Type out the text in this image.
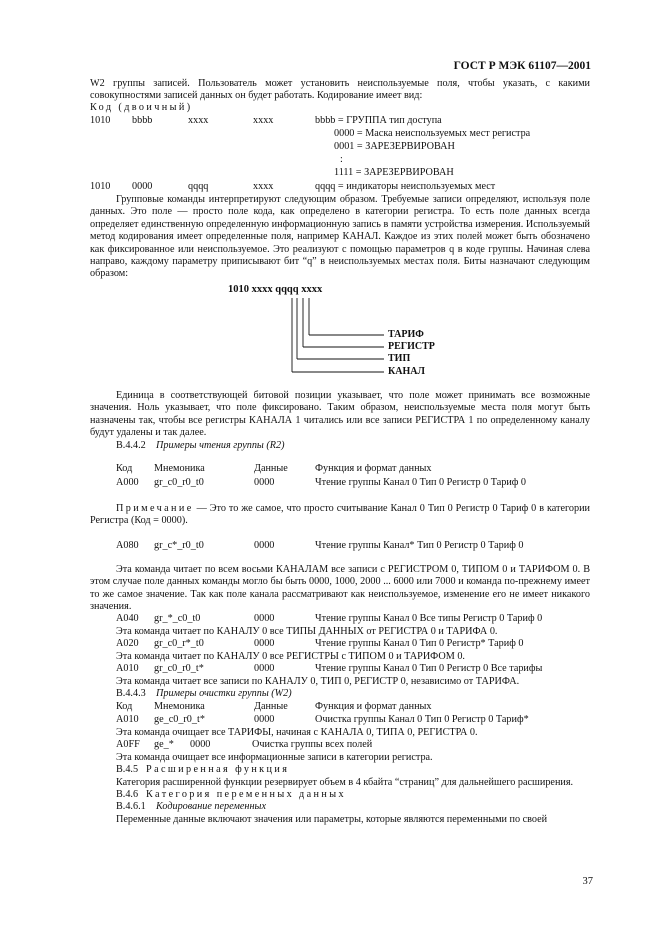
ГОСТ Р МЭК 61107—2001
W2 группы записей. Пользователь может установить неиспользуемые поля, чтобы указать, с какими совокупностями записей данных он будет работать. Кодирование имеет вид:
Код (двоичный)
1010 bbbb	xxxx	xxxx	bbbb = ГРУППА тип доступа
0000 = Маска неиспользуемых мест регистра
0001 = ЗАРЕЗЕРВИРОВАН
:
1111 = ЗАРЕЗЕРВИРОВАН
1010 0000	qqqq	xxxx	qqqq = индикаторы неиспользуемых мест
Групповые команды интерпретируют следующим образом. Требуемые записи определяют, используя поле данных. Это поле — просто поле кода, как определено в категории регистра. То есть поле данных всегда определяет единственную определенную информационную запись в памяти устройства измерения. Используемый метод кодирования имеет определенные поля, например КАНАЛ. Каждое из этих полей может быть обозначено как фиксированное или неиспользуемое. Это реализуют с помощью параметров q в коде группы. Начиная слева направо, каждому параметру приписывают бит “q” в неиспользуемых местах поля. Биты назначают следующим образом:
1010 xxxx qqqq xxxx
ТАРИФ
РЕГИСТР
ТИП
КАНАЛ
Единица в соответствующей битовой позиции указывает, что поле может принимать все возможные значения. Ноль указывает, что поле фиксировано. Таким образом, неиспользуемые места поля могут быть назначены так, чтобы все регистры КАНАЛА 1 читались или все записи РЕГИСТРА 1 по определенному каналу будут удалены и так далее.
В.4.4.2 Примеры чтения группы (R2)
Код Мнемоника	Данные	Функция и формат данных
А000 gr_c0_r0_t0	0000	Чтение группы Канал 0 Тип 0 Регистр 0 Тариф 0
Примечание — Это то же самое, что просто считывание Канал 0 Тип 0 Регистр 0 Тариф 0 в категории Регистра (Код = 0000).
А080 gr_c*_r0_t0	0000	Чтение группы Канал* Тип 0 Регистр 0 Тариф 0
Эта команда читает по всем восьми КАНАЛАМ все записи с РЕГИСТРОМ 0, ТИПОМ 0 и ТАРИФОМ 0. В этом случае поле данных команды могло бы быть 0000, 1000, 2000 ... 6000 или 7000 и команда по-прежнему имеет то же самое значение. Так как поле канала рассматривают как неиспользуемое, изменение его не имеет никакого значения.
А040 gr_*_c0_t0	0000	Чтение группы Канал 0 Все типы Регистр 0 Тариф 0
Эта команда читает по КАНАЛУ 0 все ТИПЫ ДАННЫХ от РЕГИСТРА 0 и ТАРИФА 0.
А020 gr_c0_r*_t0	0000	Чтение группы Канал 0 Тип 0 Регистр* Тариф 0
Эта команда читает по КАНАЛУ 0 все РЕГИСТРЫ с ТИПОМ 0 и ТАРИФОМ 0.
А010 gr_c0_r0_t*	0000	Чтение группы Канал 0 Тип 0 Регистр 0 Все тарифы
Эта команда читает все записи по КАНАЛУ 0, ТИП 0, РЕГИСТР 0, независимо от ТАРИФА.
В.4.4.3 Примеры очистки группы (W2)
Код Мнемоника	Данные	Функция и формат данных
А010 ge_c0_r0_t*	0000	Очистка группы Канал 0 Тип 0 Регистр 0 Тариф*
Эта команда очищает все ТАРИФЫ, начиная с КАНАЛА 0, ТИПА 0, РЕГИСТРА 0.
А0FF ge_* 0000	Очистка группы всех полей
Эта команда очищает все информационные записи в категории регистра.
В.4.5 Расширенная функция
Категория расширенной функции резервирует объем в 4 кбайта “страниц” для дальнейшего расширения.
В.4.6 Категория переменных данных
В.4.6.1 Кодирование переменных
Переменные данные включают значения или параметры, которые являются переменными по своей
37
